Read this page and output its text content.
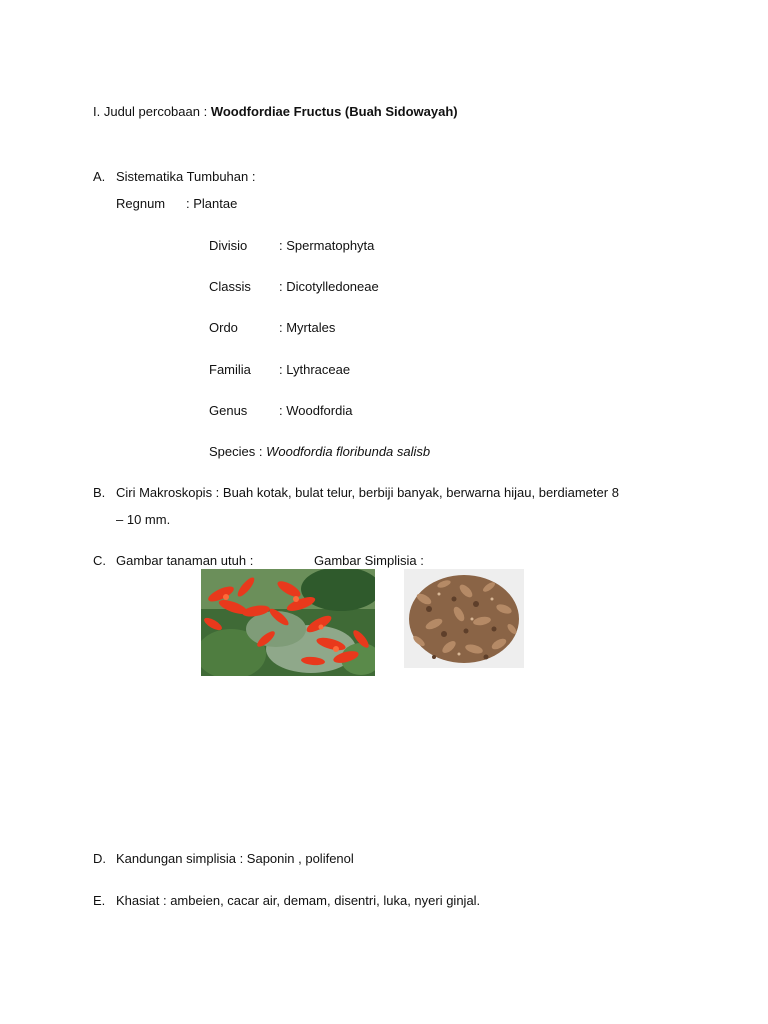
I. Judul percobaan : Woodfordiae Fructus (Buah Sidowayah)
A. Sistematika Tumbuhan :
Regnum : Plantae
Divisio : Spermatophyta
Classis : Dicotylledoneae
Ordo	: Myrtales
Familia : Lythraceae
Genus : Woodfordia
Species : Woodfordia floribunda salisb
B. Ciri Makroskopis : Buah kotak, bulat telur, berbiji banyak, berwarna hijau, berdiameter 8
– 10 mm.
C. Gambar tanaman utuh :	Gambar Simplisia :
D. Kandungan simplisia : Saponin , polifenol
E. Khasiat : ambeien, cacar air, demam, disentri, luka, nyeri ginjal.
